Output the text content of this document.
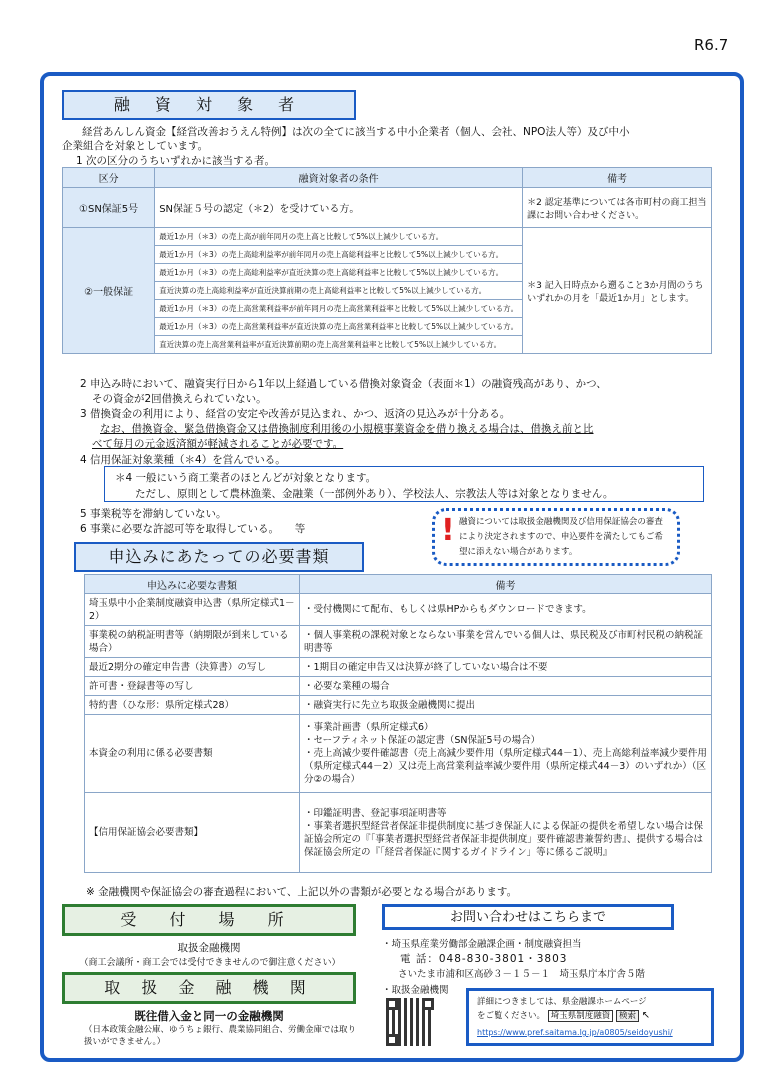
R6.7
融 資 対 象 者
経営あんしん資金【経営改善おうえん特例】は次の全てに該当する中小企業者（個人、会社、NPO法人等）及び中小
企業組合を対象としています。
1 次の区分のうちいずれかに該当する者。
区分	融資対象者の条件	備考
①SN保証5号	SN保証５号の認定（＊2）を受けている方。	＊2 認定基準については各市町村の商工担当課にお問い合わせください。
②一般保証	最近1か月（＊3）の売上高が前年同月の売上高と比較して5%以上減少している方。	＊3 記入日時点から遡ること3か月間のうちいずれかの月を「最近1か月」とします。
	最近1か月（＊3）の売上高総利益率が前年同月の売上高総利益率と比較して5%以上減少している方。	
	最近1か月（＊3）の売上高総利益率が直近決算の売上高総利益率と比較して5%以上減少している方。	
	直近決算の売上高総利益率が直近決算前期の売上高総利益率と比較して5%以上減少している方。	
	最近1か月（＊3）の売上高営業利益率が前年同月の売上高営業利益率と比較して5%以上減少している方。	
	最近1か月（＊3）の売上高営業利益率が直近決算の売上高営業利益率と比較して5%以上減少している方。	
	直近決算の売上高営業利益率が直近決算前期の売上高営業利益率と比較して5%以上減少している方。	
2 申込み時において、融資実行日から1年以上経過している借換対象資金（表面＊1）の融資残高があり、かつ、
その資金が2回借換えられていない。
3 借換資金の利用により、経営の安定や改善が見込まれ、かつ、返済の見込みが十分ある。
なお、借換資金、緊急借換資金又は借換制度利用後の小規模事業資金を借り換える場合は、借換え前と比
べて毎月の元金返済額が軽減されることが必要です。
4 信用保証対象業種（＊4）を営んでいる。
＊4 一般にいう商工業者のほとんどが対象となります。
ただし、原則として農林漁業、金融業（一部例外あり）、学校法人、宗教法人等は対象となりません。
5 事業税等を滞納していない。
6 事業に必要な許認可等を取得している。　　等	! 融資については取扱金融機関及び信用保証協会の審査により決定されますので、申込要件を満たしてもご希望に添えない場合があります。
申込みにあたっての必要書類
申込みに必要な書類	備考
埼玉県中小企業制度融資申込書（県所定様式1－2）	・受付機関にて配布、もしくは県HPからもダウンロードできます。
事業税の納税証明書等（納期限が到来している場合）	・個人事業税の課税対象とならない事業を営んでいる個人は、県民税及び市町村民税の納税証明書等
最近2期分の確定申告書（決算書）の写し	・1期目の確定申告又は決算が終了していない場合は不要
許可書・登録書等の写し	・必要な業種の場合
特約書（ひな形：県所定様式28）	・融資実行に先立ち取扱金融機関に提出
本資金の利用に係る必要書類	・事業計画書（県所定様式6）
・セーフティネット保証の認定書（SN保証5号の場合）
・売上高減少要件確認書（売上高減少要件用（県所定様式44－1）、売上高総利益率減少要件用（県所定様式44－2）又は売上高営業利益率減少要件用（県所定様式44－3）のいずれか）（区分②の場合）

【信用保証協会必要書類】	・印鑑証明書、登記事項証明書等
・事業者選択型経営者保証非提供制度に基づき保証人による保証の提供を希望しない場合は保証協会所定の『「事業者選択型経営者保証非提供制度」要件確認書兼誓約書』、提供する場合は保証協会所定の『「経営者保証に関するガイドライン」等に係るご説明』
※ 金融機関や保証協会の審査過程において、上記以外の書類が必要となる場合があります。
受 付 場 所
取扱金融機関
（商工会議所・商工会では受付できませんので御注意ください）
取 扱 金 融 機 関
既往借入金と同一の金融機関
（日本政策金融公庫、ゆうちょ銀行、農業協同組合、労働金庫では取り扱いができません。）
お問い合わせはこちらまで
・埼玉県産業労働部金融課企画・制度融資担当
電 話：048-830-3801・3803
さいたま市浦和区高砂３－１５－１　埼玉県庁本庁舎５階
・取扱金融機関
詳細につきましては、県金融課ホームページ
をご覧ください。 埼玉県制度融資 検索 ↖
https://www.pref.saitama.lg.jp/a0805/seidoyushi/
